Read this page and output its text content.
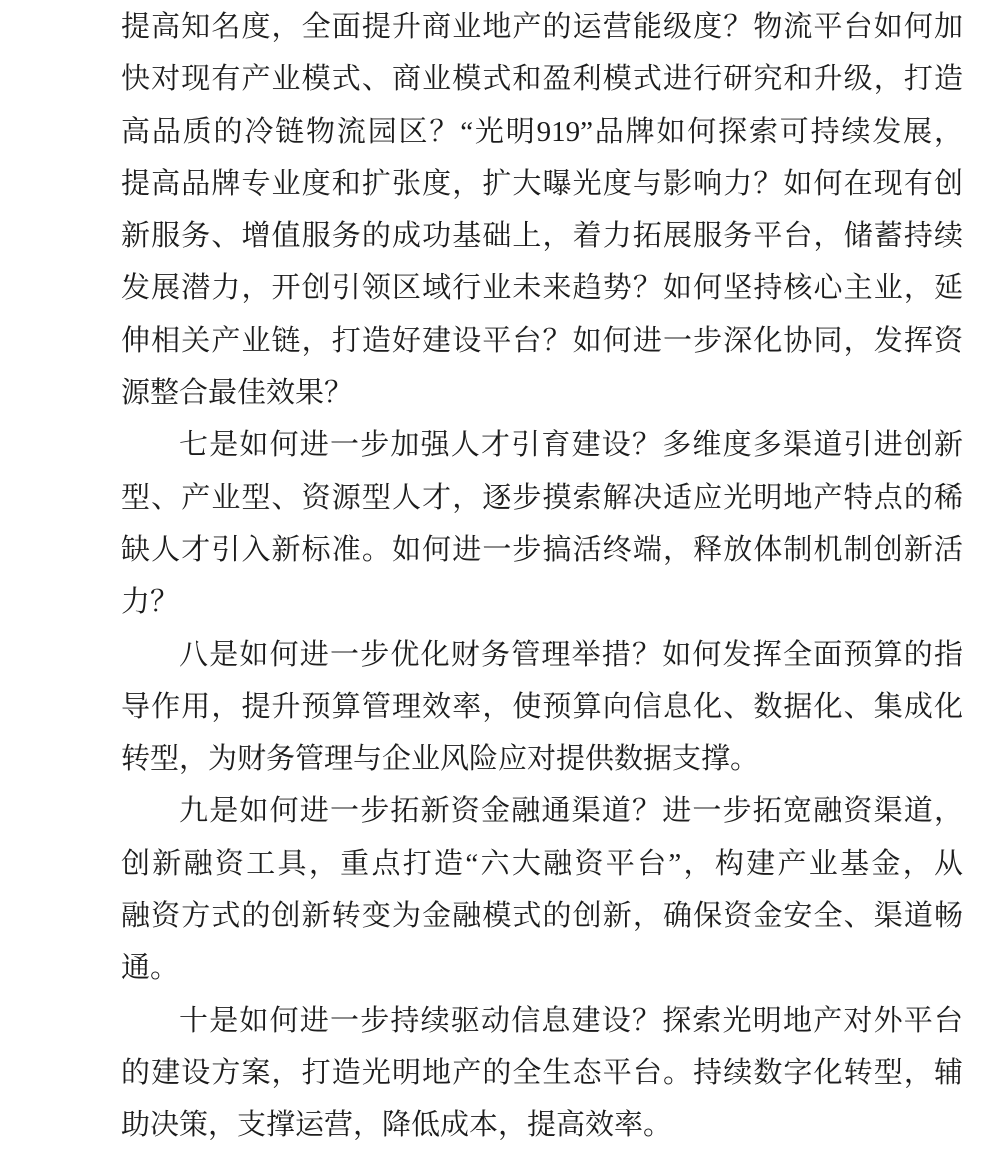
提高知名度，全面提升商业地产的运营能级度？物流平台如何加
快对现有产业模式、商业模式和盈利模式进行研究和升级，打造
高品质的冷链物流园区？“光明919”品牌如何探索可持续发展，
提高品牌专业度和扩张度，扩大曝光度与影响力？如何在现有创
新服务、增值服务的成功基础上，着力拓展服务平台，储蓄持续
发展潜力，开创引领区域行业未来趋势？如何坚持核心主业，延
伸相关产业链，打造好建设平台？如何进一步深化协同，发挥资
源整合最佳效果？
七是如何进一步加强人才引育建设？多维度多渠道引进创新
型、产业型、资源型人才，逐步摸索解决适应光明地产特点的稀
缺人才引入新标准。如何进一步搞活终端，释放体制机制创新活
力？
八是如何进一步优化财务管理举措？如何发挥全面预算的指
导作用，提升预算管理效率，使预算向信息化、数据化、集成化
转型，为财务管理与企业风险应对提供数据支撑。
九是如何进一步拓新资金融通渠道？进一步拓宽融资渠道，
创新融资工具，重点打造“六大融资平台”，构建产业基金，从
融资方式的创新转变为金融模式的创新，确保资金安全、渠道畅
通。
十是如何进一步持续驱动信息建设？探索光明地产对外平台
的建设方案，打造光明地产的全生态平台。持续数字化转型，辅
助决策，支撑运营，降低成本，提高效率。
